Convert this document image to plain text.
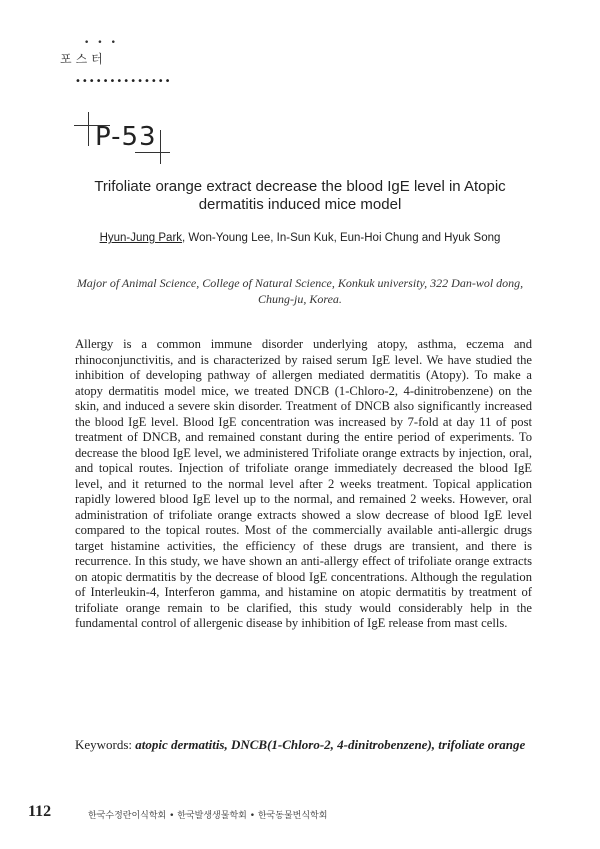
•••
포스터
••••••••••••••
P-53
Trifoliate orange extract decrease the blood IgE level in Atopic dermatitis induced mice model
Hyun-Jung Park, Won-Young Lee, In-Sun Kuk, Eun-Hoi Chung and Hyuk Song
Major of Animal Science, College of Natural Science, Konkuk university, 322 Dan-wol dong, Chung-ju, Korea.
Allergy is a common immune disorder underlying atopy, asthma, eczema and rhinoconjunctivitis, and is characterized by raised serum IgE level. We have studied the inhibition of developing pathway of allergen mediated dermatitis (Atopy). To make a atopy dermatitis model mice, we treated DNCB (1-Chloro-2, 4-dinitrobenzene) on the skin, and induced a severe skin disorder. Treatment of DNCB also significantly increased the blood IgE level. Blood IgE concentration was increased by 7-fold at day 11 of post treatment of DNCB, and remained constant during the entire period of experiments. To decrease the blood IgE level, we administered Trifoliate orange extracts by injection, oral, and topical routes. Injection of trifoliate orange immediately decreased the blood IgE level, and it returned to the normal level after 2 weeks treatment. Topical application rapidly lowered blood IgE level up to the normal, and remained 2 weeks. However, oral administration of trifoliate orange extracts showed a slow decrease of blood IgE level compared to the topical routes. Most of the commercially available anti-allergic drugs target histamine activities, the efficiency of these drugs are transient, and there is recurrence. In this study, we have shown an anti-allergy effect of trifoliate orange extracts on atopic dermatitis by the decrease of blood IgE concentrations. Although the regulation of Interleukin-4, Interferon gamma, and histamine on atopic dermatitis by treatment of trifoliate orange remain to be clarified, this study would considerably help in the fundamental control of allergenic disease by inhibition of IgE release from mast cells.
Keywords: atopic dermatitis, DNCB(1-Chloro-2, 4-dinitrobenzene), trifoliate orange
112	한국수정란이식학회 • 한국발생생물학회 • 한국동물번식학회
